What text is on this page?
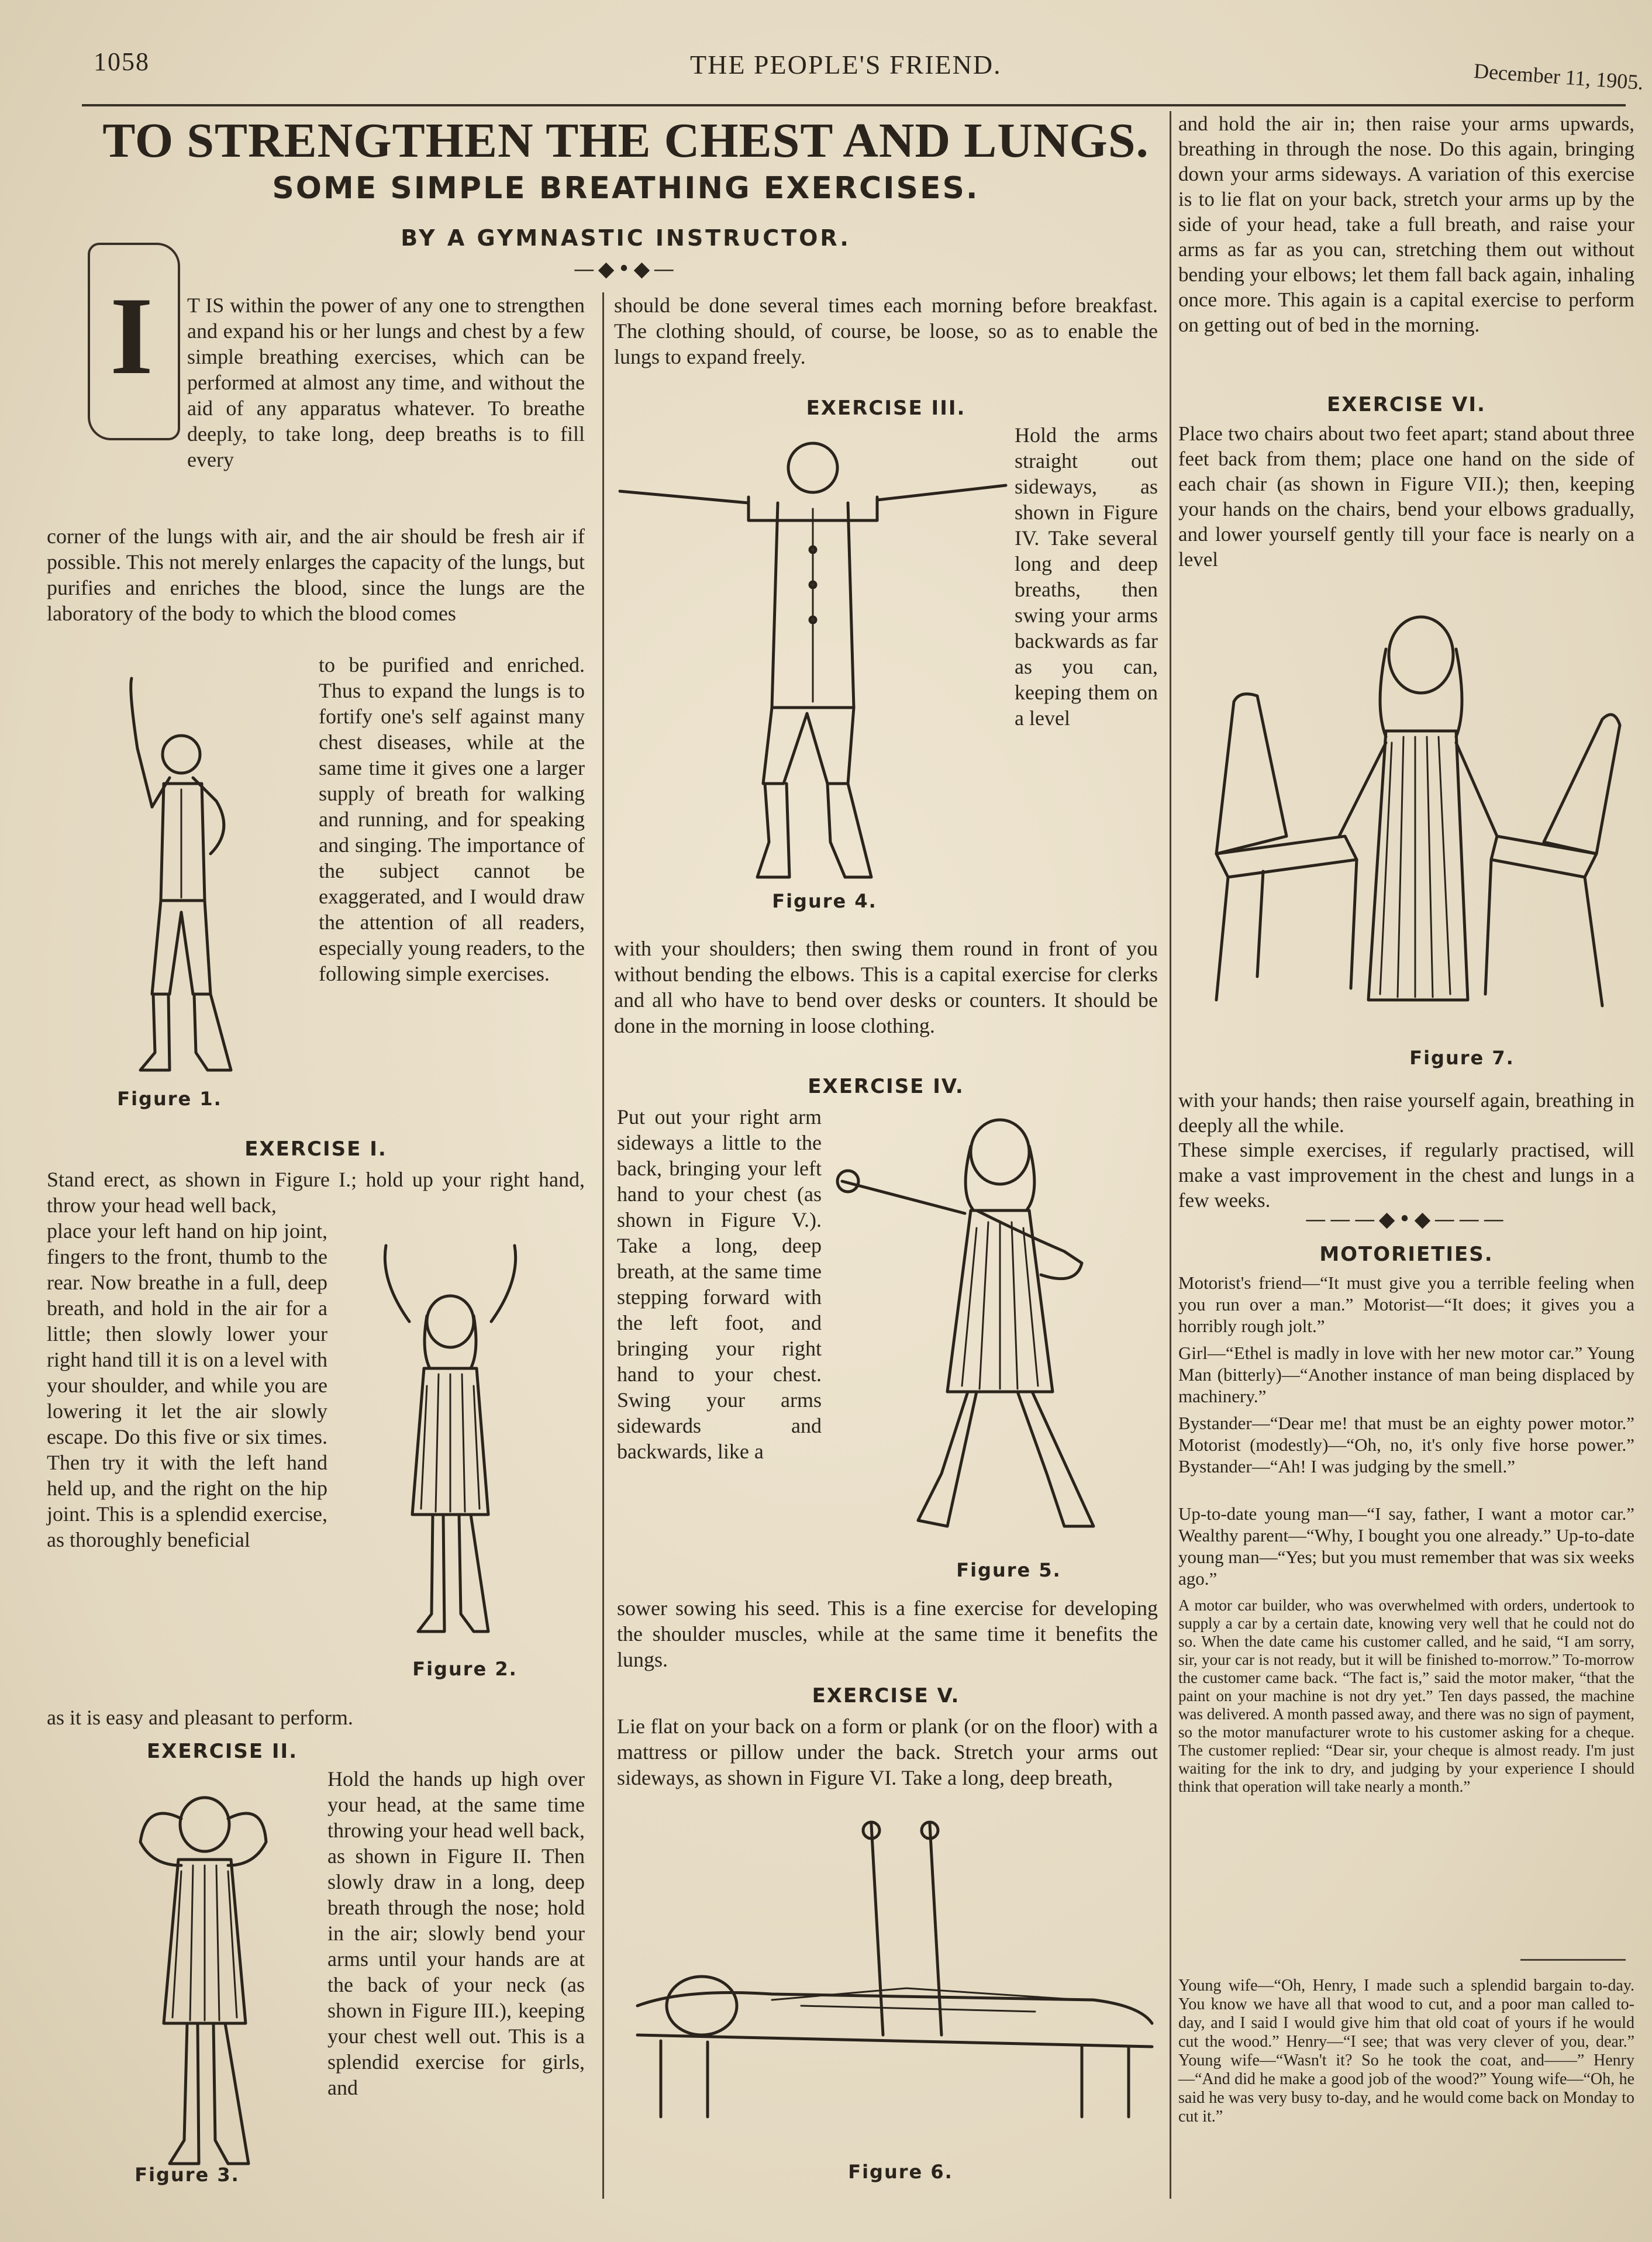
1058	THE PEOPLE'S FRIEND.	December 11, 1905.
TO STRENGTHEN THE CHEST AND LUNGS.
SOME SIMPLE BREATHING EXERCISES.
BY A GYMNASTIC INSTRUCTOR.
—◆•◆—
I	T IS within the power of any one to strengthen and expand his or her lungs and chest by a few simple breathing exercises, which can be performed at almost any time, and without the aid of any apparatus whatever. To breathe deeply, to take long, deep breaths is to fill every

corner of the lungs with air, and the air should be fresh air if possible. This not merely enlarges the capacity of the lungs, but purifies and enriches the blood, since the lungs are the laboratory of the body to which the blood comes

to be purified and enriched. Thus to expand the lungs is to fortify one's self against many chest diseases, while at the same time it gives one a larger supply of breath for walking and running, and for speaking and singing. The importance of the subject cannot be exaggerated, and I would draw the attention of all readers, especially young readers, to the following simple exercises.

Figure 1.
EXERCISE I.

Stand erect, as shown in Figure I.; hold up your right hand, throw your head well back,

place your left hand on hip joint, fingers to the front, thumb to the rear. Now breathe in a full, deep breath, and hold in the air for a little; then slowly lower your right hand till it is on a level with your shoulder, and while you are lowering it let the air slowly escape. Do this five or six times. Then try it with the left hand held up, and the right on the hip joint. This is a splendid exercise, as thoroughly beneficial

Figure 2.

as it is easy and pleasant to perform.

EXERCISE II.
Figure 3.

Hold the hands up high over your head, at the same time throwing your head well back, as shown in Figure II. Then slowly draw in a long, deep breath through the nose; hold in the air; slowly bend your arms until your hands are at the back of your neck (as shown in Figure III.), keeping your chest well out. This is a splendid exercise for girls, and

should be done several times each morning before breakfast. The clothing should, of course, be loose, so as to enable the lungs to expand freely.

EXERCISE III.
Figure 4.

Hold the arms straight out sideways, as shown in Figure IV. Take several long and deep breaths, then swing your arms backwards as far as you can, keeping them on a level

with your shoulders; then swing them round in front of you without bending the elbows. This is a capital exercise for clerks and all who have to bend over desks or counters. It should be done in the morning in loose clothing.

EXERCISE IV.

Put out your right arm sideways a little to the back, bringing your left hand to your chest (as shown in Figure V.). Take a long, deep breath, at the same time stepping forward with the left foot, and bringing your right hand to your chest. Swing your arms sidewards and backwards, like a

Figure 5.

sower sowing his seed. This is a fine exercise for developing the shoulder muscles, while at the same time it benefits the lungs.

EXERCISE V.

Lie flat on your back on a form or plank (or on the floor) with a mattress or pillow under the back. Stretch your arms out sideways, as shown in Figure VI. Take a long, deep breath,

Figure 6.

and hold the air in; then raise your arms upwards, breathing in through the nose. Do this again, bringing down your arms sideways. A variation of this exercise is to lie flat on your back, stretch your arms up by the side of your head, take a full breath, and raise your arms as far as you can, stretching them out without bending your elbows; let them fall back again, inhaling once more. This again is a capital exercise to perform on getting out of bed in the morning.

EXERCISE VI.

Place two chairs about two feet apart; stand about three feet back from them; place one hand on the side of each chair (as shown in Figure VII.); then, keeping your hands on the chairs, bend your elbows gradually, and lower yourself gently till your face is nearly on a level

Figure 7.

with your hands; then raise yourself again, breathing in deeply all the while.

These simple exercises, if regularly practised, will make a vast improvement in the chest and lungs in a few weeks.

———◆•◆———
MOTORIETIES.

Motorist's friend—“It must give you a terrible feeling when you run over a man.” Motorist—“It does; it gives you a horribly rough jolt.”

Girl—“Ethel is madly in love with her new motor car.” Young Man (bitterly)—“Another instance of man being displaced by machinery.”

Bystander—“Dear me! that must be an eighty power motor.” Motorist (modestly)—“Oh, no, it's only five horse power.” Bystander—“Ah! I was judging by the smell.”

Up-to-date young man—“I say, father, I want a motor car.” Wealthy parent—“Why, I bought you one already.” Up-to-date young man—“Yes; but you must remember that was six weeks ago.”

A motor car builder, who was overwhelmed with orders, undertook to supply a car by a certain date, knowing very well that he could not do so. When the date came his customer called, and he said, “I am sorry, sir, your car is not ready, but it will be finished to-morrow.” To-morrow the customer came back. “The fact is,” said the motor maker, “that the paint on your machine is not dry yet.” Ten days passed, the machine was delivered. A month passed away, and there was no sign of payment, so the motor manufacturer wrote to his customer asking for a cheque. The customer replied: “Dear sir, your cheque is almost ready. I'm just waiting for the ink to dry, and judging by your experience I should think that operation will take nearly a month.”

Young wife—“Oh, Henry, I made such a splendid bargain to-day. You know we have all that wood to cut, and a poor man called to-day, and I said I would give him that old coat of yours if he would cut the wood.” Henry—“I see; that was very clever of you, dear.” Young wife—“Wasn't it? So he took the coat, and——” Henry—“And did he make a good job of the wood?” Young wife—“Oh, he said he was very busy to-day, and he would come back on Monday to cut it.”
